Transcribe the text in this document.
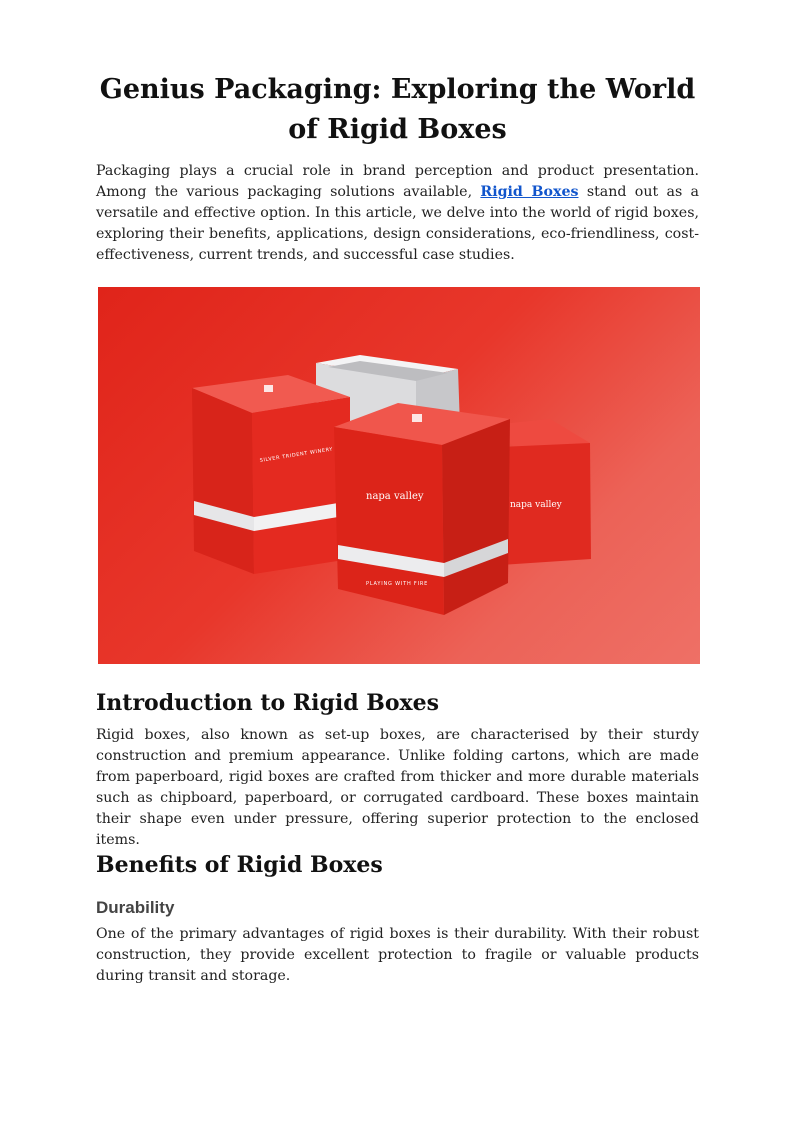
Genius Packaging: Exploring the World of Rigid Boxes

Packaging plays a crucial role in brand perception and product presentation. Among the various packaging solutions available, Rigid Boxes stand out as a versatile and effective option. In this article, we delve into the world of rigid boxes, exploring their benefits, applications, design considerations, eco-friendliness, cost-effectiveness, current trends, and successful case studies.

napa valley
SILVER TRIDENT WINERY
napa valley
PLAYING WITH FIRE
Introduction to Rigid Boxes

Rigid boxes, also known as set-up boxes, are characterised by their sturdy construction and premium appearance. Unlike folding cartons, which are made from paperboard, rigid boxes are crafted from thicker and more durable materials such as chipboard, paperboard, or corrugated cardboard. These boxes maintain their shape even under pressure, offering superior protection to the enclosed items.

Benefits of Rigid Boxes
Durability

One of the primary advantages of rigid boxes is their durability. With their robust construction, they provide excellent protection to fragile or valuable products during transit and storage.
